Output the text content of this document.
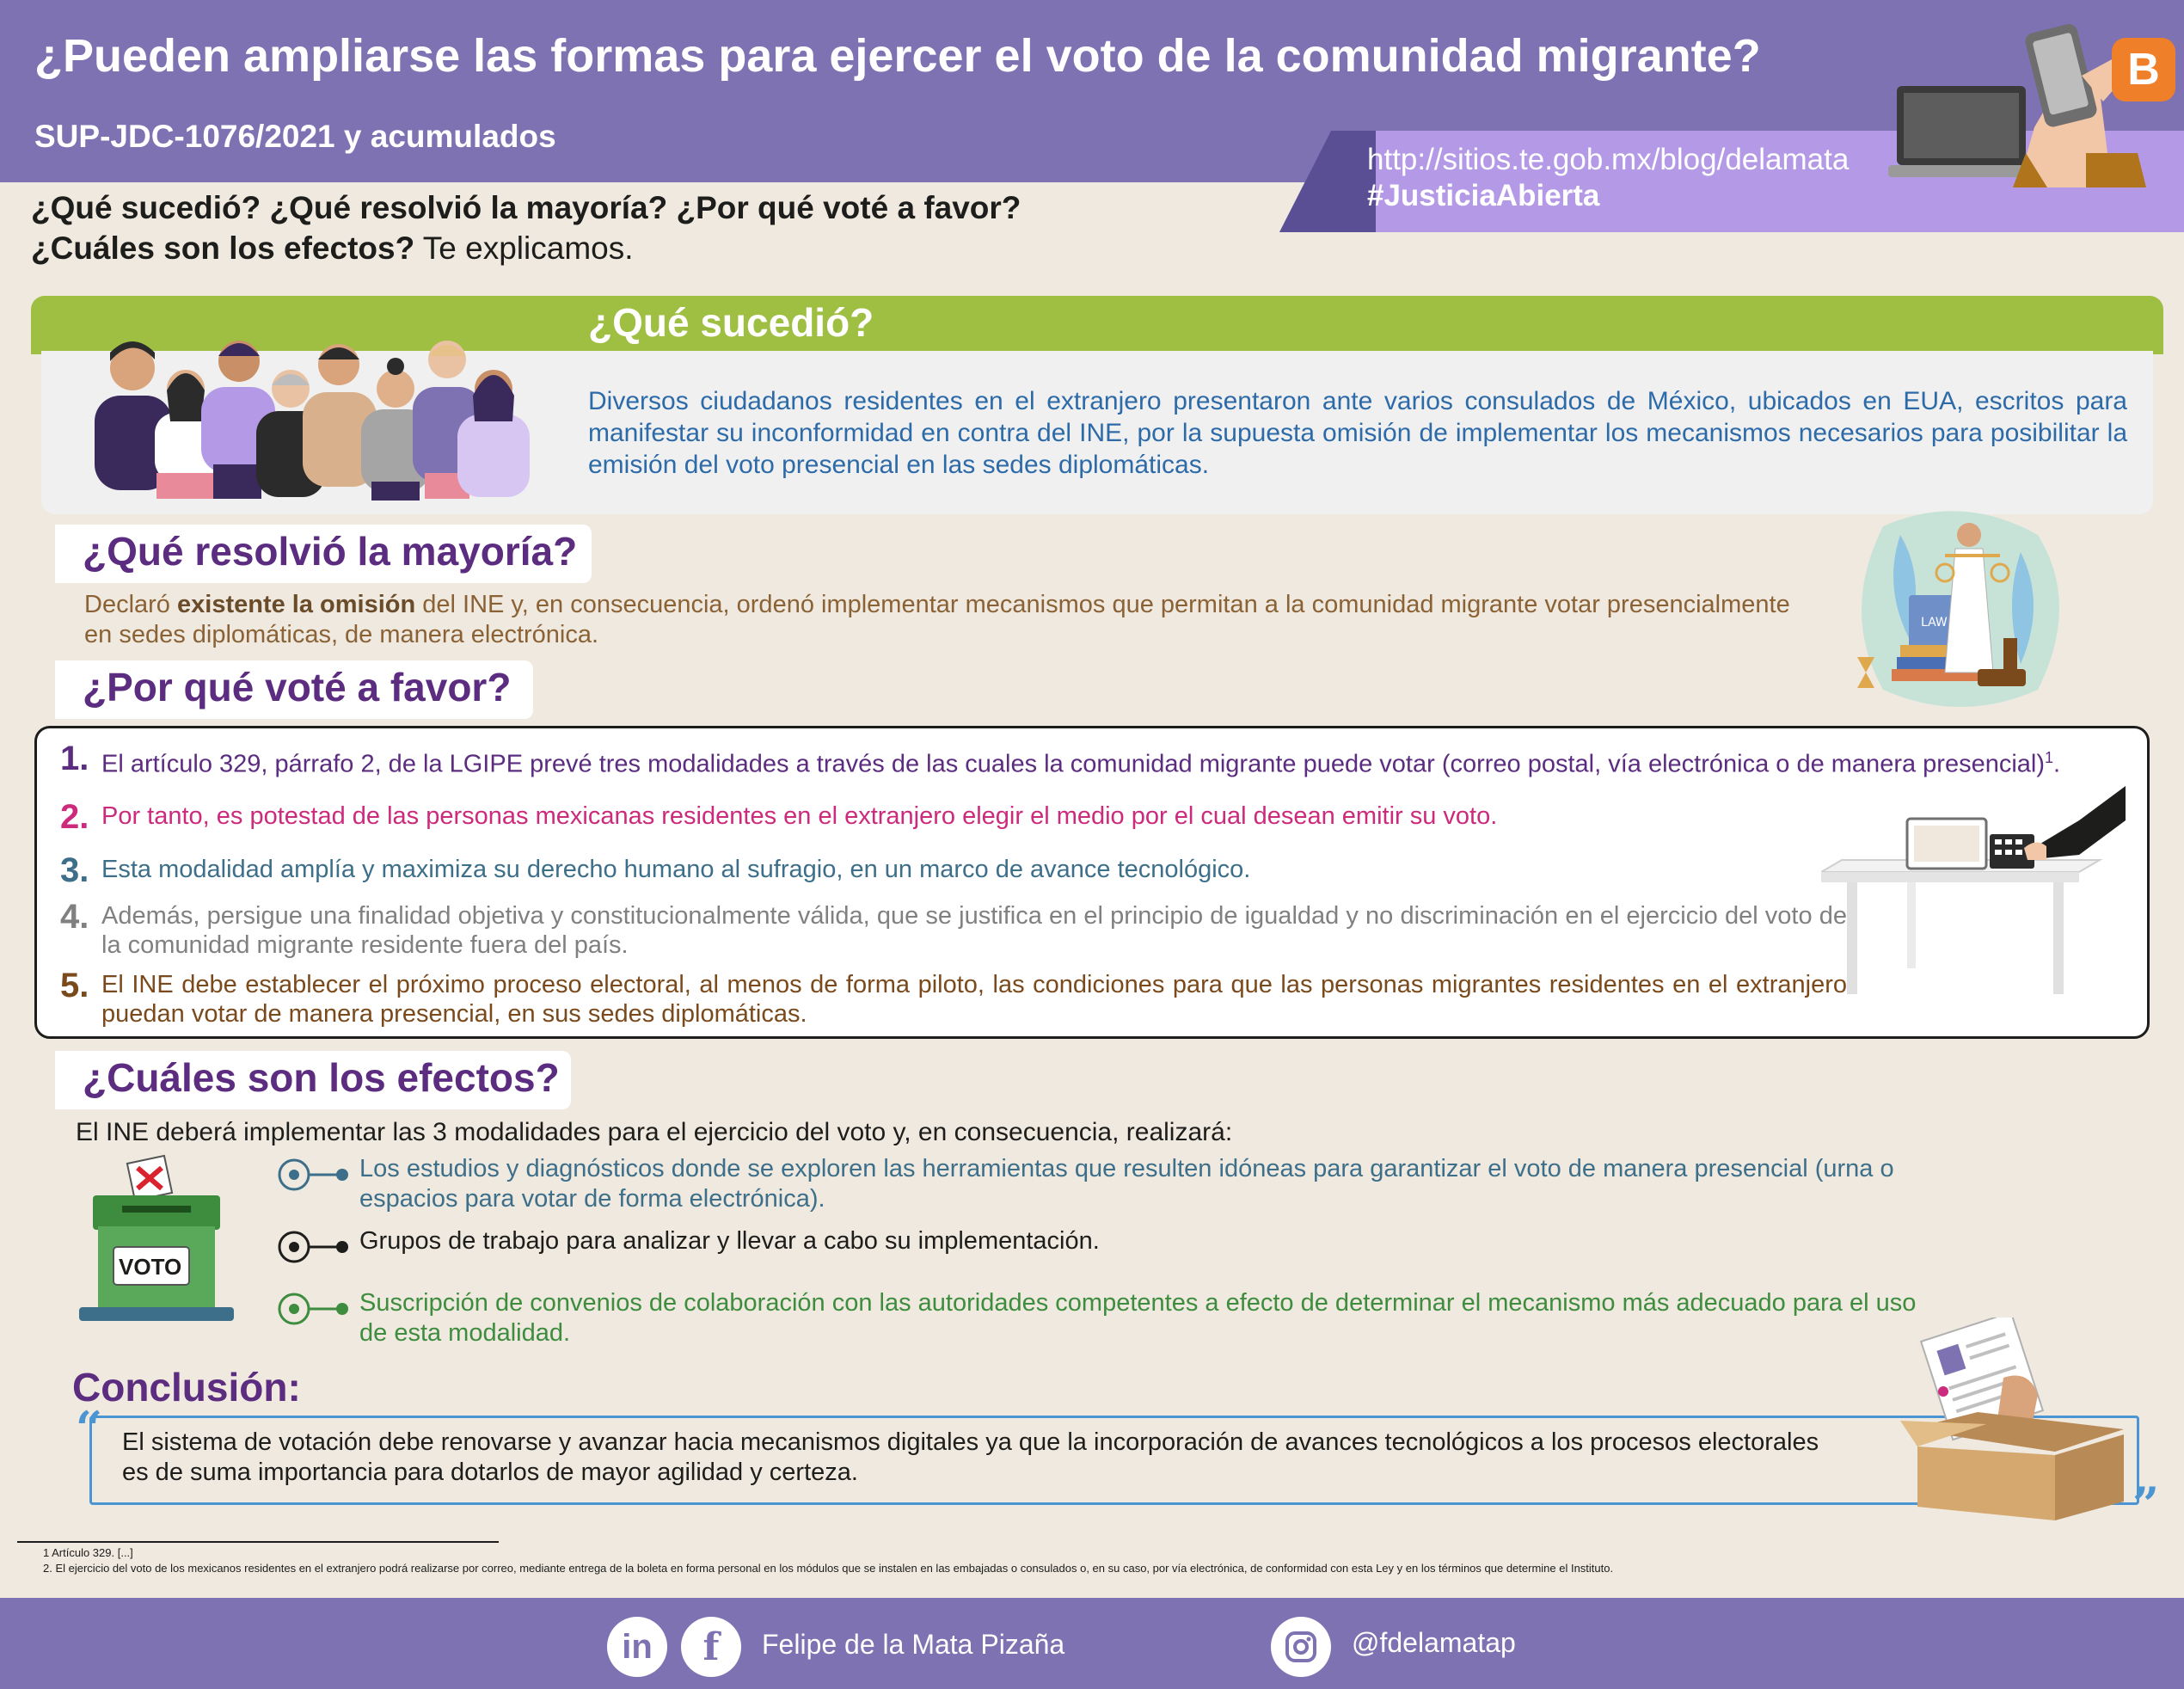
¿Pueden ampliarse las formas para ejercer el voto de la comunidad migrante?
SUP-JDC-1076/2021 y acumulados
http://sitios.te.gob.mx/blog/delamata
#JusticiaAbierta
B
¿Qué sucedió? ¿Qué resolvió la mayoría? ¿Por qué voté a favor?
¿Cuáles son los efectos? Te explicamos.
¿Qué sucedió?
Diversos ciudadanos residentes en el extranjero presentaron ante varios consulados de México, ubicados en EUA, escritos para manifestar su inconformidad en contra del INE, por la supuesta omisión de implementar los mecanismos necesarios para posibilitar la emisión del voto presencial en las sedes diplomáticas.
¿Qué resolvió la mayoría?
Declaró existente la omisión del INE y, en consecuencia, ordenó implementar mecanismos que permitan a la comunidad migrante votar presencialmente en sedes diplomáticas, de manera electrónica.	LAW
¿Por qué voté a favor?
1. El artículo 329, párrafo 2, de la LGIPE prevé tres modalidades a través de las cuales la comunidad migrante puede votar (correo postal, vía electrónica o de manera presencial)$^1$.
2. Por tanto, es potestad de las personas mexicanas residentes en el extranjero elegir el medio por el cual desean emitir su voto.
3. Esta modalidad amplía y maximiza su derecho humano al sufragio, en un marco de avance tecnológico.
4. Además, persigue una finalidad objetiva y constitucionalmente válida, que se justifica en el principio de igualdad y no discriminación en el ejercicio del voto de la comunidad migrante residente fuera del país.
5. El INE debe establecer el próximo proceso electoral, al menos de forma piloto, las condiciones para que las personas migrantes residentes en el extranjero puedan votar de manera presencial, en sus sedes diplomáticas.
¿Cuáles son los efectos?
El INE deberá implementar las 3 modalidades para el ejercicio del voto y, en consecuencia, realizará:
VOTO
Los estudios y diagnósticos donde se exploren las herramientas que resulten idóneas para garantizar el voto de manera presencial (urna o espacios para votar de forma electrónica).
Grupos de trabajo para analizar y llevar a cabo su implementación.
Suscripción de convenios de colaboración con las autoridades competentes a efecto de determinar el mecanismo más adecuado para el uso de esta modalidad.
Conclusión:
“
”
El sistema de votación debe renovarse y avanzar hacia mecanismos digitales ya que la incorporación de avances tecnológicos a los procesos electorales es de suma importancia para dotarlos de mayor agilidad y certeza.
1 Artículo 329. [...]
2. El ejercicio del voto de los mexicanos residentes en el extranjero podrá realizarse por correo, mediante entrega de la boleta en forma personal en los módulos que se instalen en las embajadas o consulados o, en su caso, por vía electrónica, de conformidad con esta Ley y en los términos que determine el Instituto.
in	f	Felipe de la Mata Pizaña	@fdelamatap
